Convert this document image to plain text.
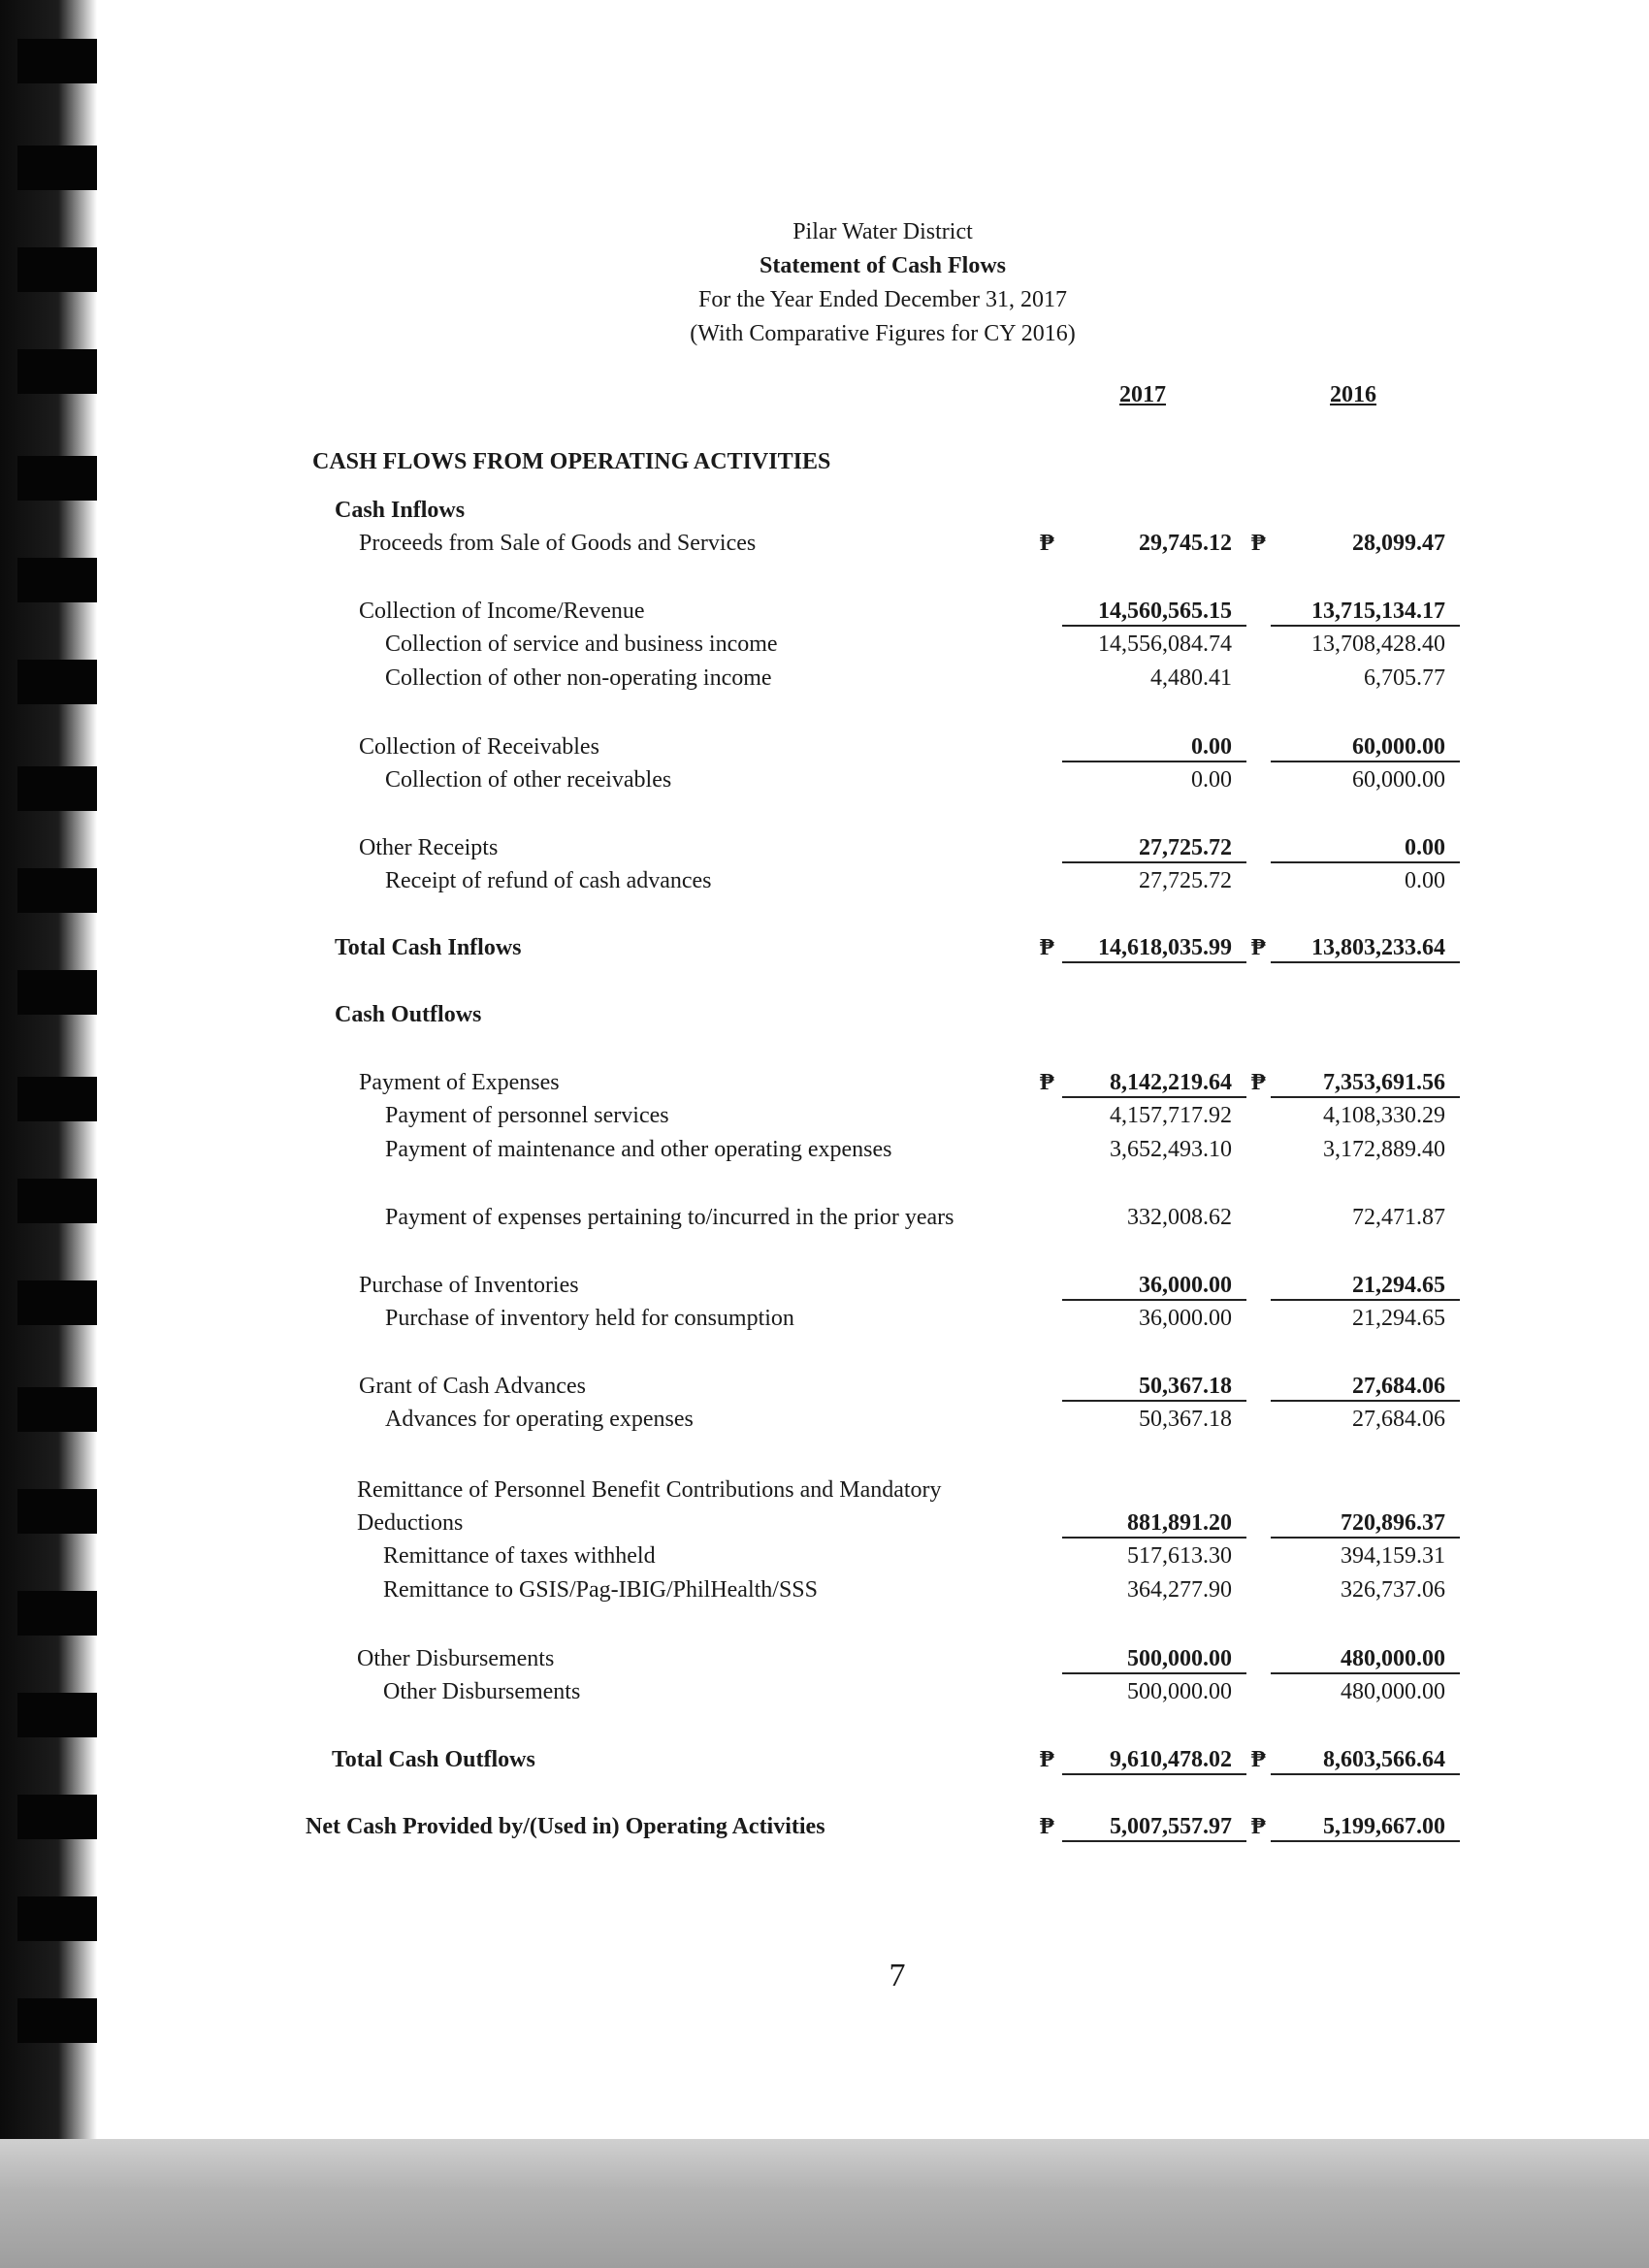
Pilar Water District
Statement of Cash Flows
For the Year Ended December 31, 2017
(With Comparative Figures for CY 2016)
2017	2016
CASH FLOWS FROM OPERATING ACTIVITIES
Cash Inflows
Proceeds from Sale of Goods and Services	₱	29,745.12 ₱	28,099.47
Collection of Income/Revenue	14,560,565.15	13,715,134.17
Collection of service and business income	14,556,084.74	13,708,428.40
Collection of other non-operating income	4,480.41	6,705.77
Collection of Receivables	0.00	60,000.00
Collection of other receivables	0.00	60,000.00
Other Receipts	27,725.72	0.00
Receipt of refund of cash advances	27,725.72	0.00
Total Cash Inflows	₱	14,618,035.99 ₱	13,803,233.64
Cash Outflows
Payment of Expenses	₱	8,142,219.64 ₱	7,353,691.56
Payment of personnel services	4,157,717.92	4,108,330.29
Payment of maintenance and other operating expenses	3,652,493.10	3,172,889.40
Payment of expenses pertaining to/incurred in the prior years	332,008.62	72,471.87
Purchase of Inventories	36,000.00	21,294.65
Purchase of inventory held for consumption	36,000.00	21,294.65
Grant of Cash Advances	50,367.18	27,684.06
Advances for operating expenses	50,367.18	27,684.06
Remittance of Personnel Benefit Contributions and Mandatory
Deductions	881,891.20	720,896.37
Remittance of taxes withheld	517,613.30	394,159.31
Remittance to GSIS/Pag-IBIG/PhilHealth/SSS	364,277.90	326,737.06
Other Disbursements	500,000.00	480,000.00
Other Disbursements	500,000.00	480,000.00
Total Cash Outflows	₱	9,610,478.02 ₱	8,603,566.64
Net Cash Provided by/(Used in) Operating Activities	₱	5,007,557.97 ₱	5,199,667.00
7
